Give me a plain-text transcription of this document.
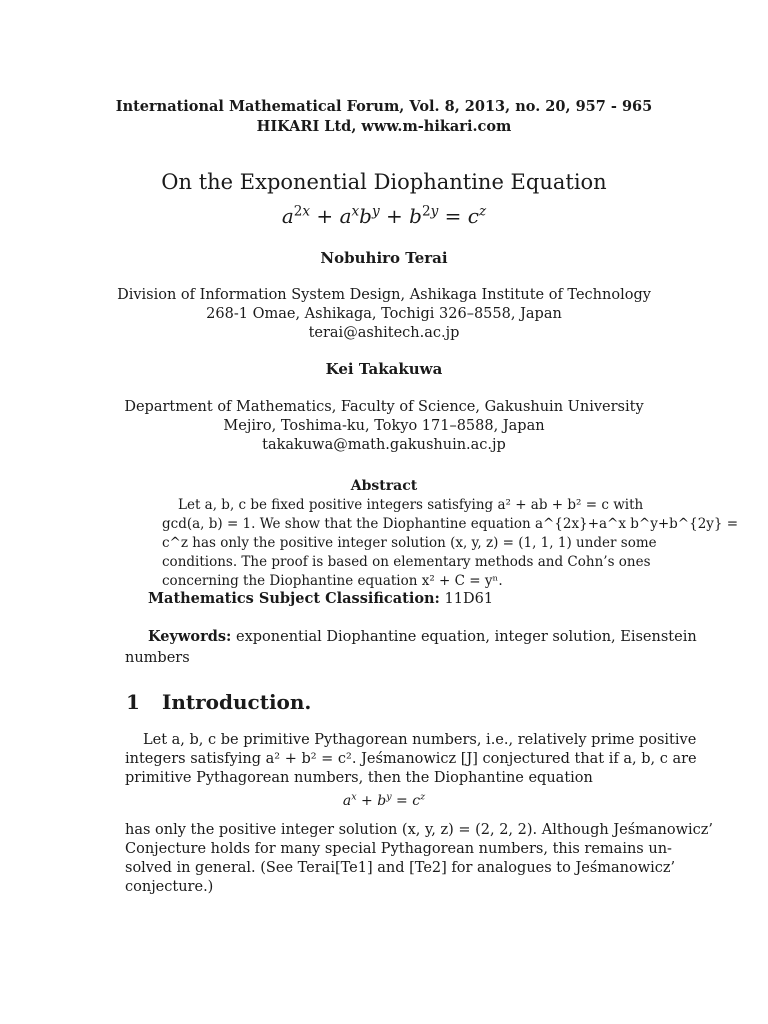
International Mathematical Forum, Vol. 8, 2013, no. 20, 957 - 965
HIKARI Ltd, www.m-hikari.com
On the Exponential Diophantine Equation
$a^{2x} + a^xb^y + b^{2y} = c^z$
Nobuhiro Terai
Division of Information System Design, Ashikaga Institute of Technology
268-1 Omae, Ashikaga, Tochigi 326–8558, Japan
terai@ashitech.ac.jp
Kei Takakuwa
Department of Mathematics, Faculty of Science, Gakushuin University
Mejiro, Toshima-ku, Tokyo 171–8588, Japan
takakuwa@math.gakushuin.ac.jp
Abstract
Let a, b, c be fixed positive integers satisfying a² + ab + b² = c with
gcd(a, b) = 1. We show that the Diophantine equation a^{2x}+a^x b^y+b^{2y} =
c^z has only the positive integer solution (x, y, z) = (1, 1, 1) under some
conditions. The proof is based on elementary methods and Cohn’s ones
concerning the Diophantine equation x² + C = yⁿ.
Mathematics Subject Classification: 11D61
Keywords: exponential Diophantine equation, integer solution, Eisenstein
numbers
1 Introduction.
Let a, b, c be primitive Pythagorean numbers, i.e., relatively prime positive
integers satisfying a² + b² = c². Jeśmanowicz [J] conjectured that if a, b, c are
primitive Pythagorean numbers, then the Diophantine equation
$a^x + b^y = c^z$
has only the positive integer solution (x, y, z) = (2, 2, 2). Although Jeśmanowicz’
Conjecture holds for many special Pythagorean numbers, this remains un-
solved in general. (See Terai[Te1] and [Te2] for analogues to Jeśmanowicz’
conjecture.)
